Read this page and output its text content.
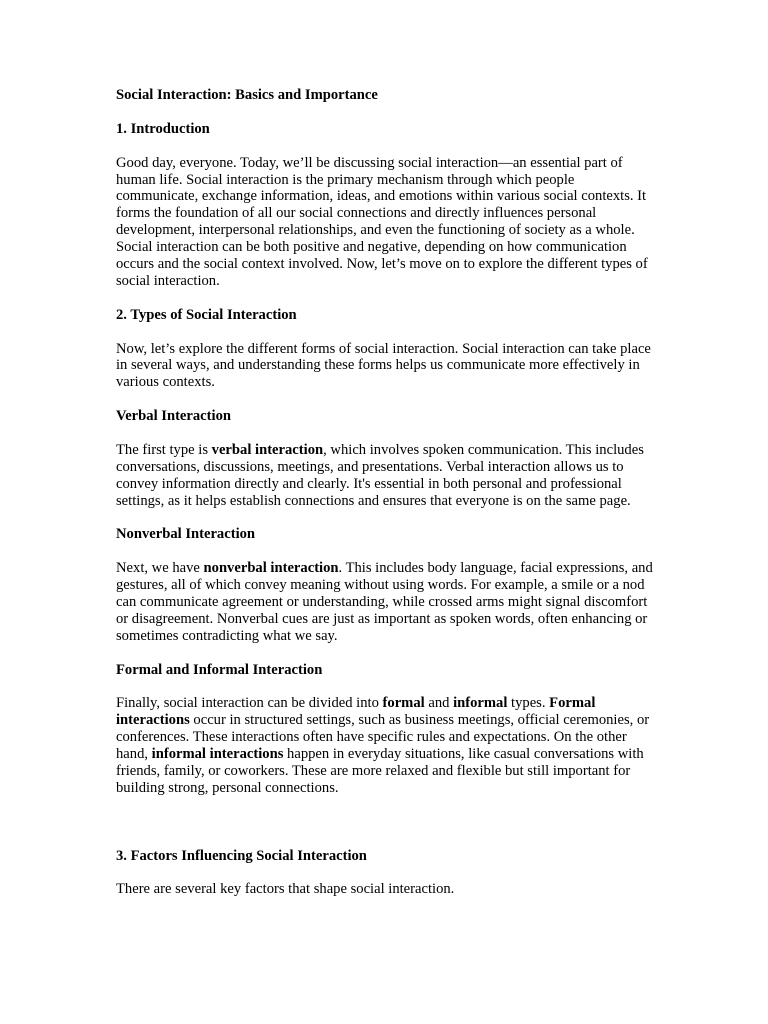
Social Interaction: Basics and Importance

1. Introduction

Good day, everyone. Today, we’ll be discussing social interaction—an essential part of human life. Social interaction is the primary mechanism through which people communicate, exchange information, ideas, and emotions within various social contexts. It forms the foundation of all our social connections and directly influences personal development, interpersonal relationships, and even the functioning of society as a whole. Social interaction can be both positive and negative, depending on how communication occurs and the social context involved. Now, let’s move on to explore the different types of social interaction.

2. Types of Social Interaction

Now, let’s explore the different forms of social interaction. Social interaction can take place in several ways, and understanding these forms helps us communicate more effectively in various contexts.

Verbal Interaction

The first type is verbal interaction, which involves spoken communication. This includes conversations, discussions, meetings, and presentations. Verbal interaction allows us to convey information directly and clearly. It's essential in both personal and professional settings, as it helps establish connections and ensures that everyone is on the same page.

Nonverbal Interaction

Next, we have nonverbal interaction. This includes body language, facial expressions, and gestures, all of which convey meaning without using words. For example, a smile or a nod can communicate agreement or understanding, while crossed arms might signal discomfort or disagreement. Nonverbal cues are just as important as spoken words, often enhancing or sometimes contradicting what we say.

Formal and Informal Interaction

Finally, social interaction can be divided into formal and informal types. Formal interactions occur in structured settings, such as business meetings, official ceremonies, or conferences. These interactions often have specific rules and expectations. On the other hand, informal interactions happen in everyday situations, like casual conversations with friends, family, or coworkers. These are more relaxed and flexible but still important for building strong, personal connections.

3. Factors Influencing Social Interaction

There are several key factors that shape social interaction.
